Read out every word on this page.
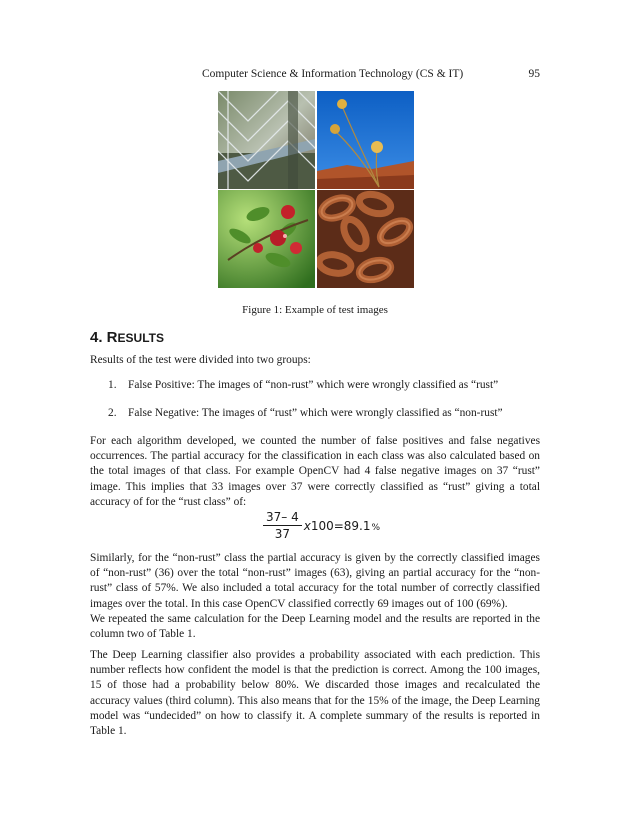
Computer Science & Information Technology (CS & IT)	95
Figure 1: Example of test images
4. RESULTS

Results of the test were divided into two groups:

1. False Positive: The images of “non-rust” which were wrongly classified as “rust”
2. False Negative: The images of “rust” which were wrongly classified as “non-rust”

For each algorithm developed, we counted the number of false positives and false negatives occurrences. The partial accuracy for the classification in each class was also calculated based on the total images of that class. For example OpenCV had 4 false negative images on 37 “rust” image. This implies that 33 images over 37 were correctly classified as “rust” giving a total accuracy of for the “rust class” of:

$\frac{37- 4}{37} x100=89.1\%$
Similarly, for the “non-rust” class the partial accuracy is given by the correctly classified images of “non-rust” (36) over the total “non-rust” images (63), giving an partial accuracy for the “non-rust” class of 57%. We also included a total accuracy for the total number of correctly classified images over the total. In this case OpenCV classified correctly 69 images out of 100 (69%).
We repeated the same calculation for the Deep Learning model and the results are reported in the column two of Table 1.

The Deep Learning classifier also provides a probability associated with each prediction. This number reflects how confident the model is that the prediction is correct. Among the 100 images, 15 of those had a probability below 80%. We discarded those images and recalculated the accuracy values (third column). This also means that for the 15% of the image, the Deep Learning model was “undecided” on how to classify it. A complete summary of the results is reported in Table 1.
